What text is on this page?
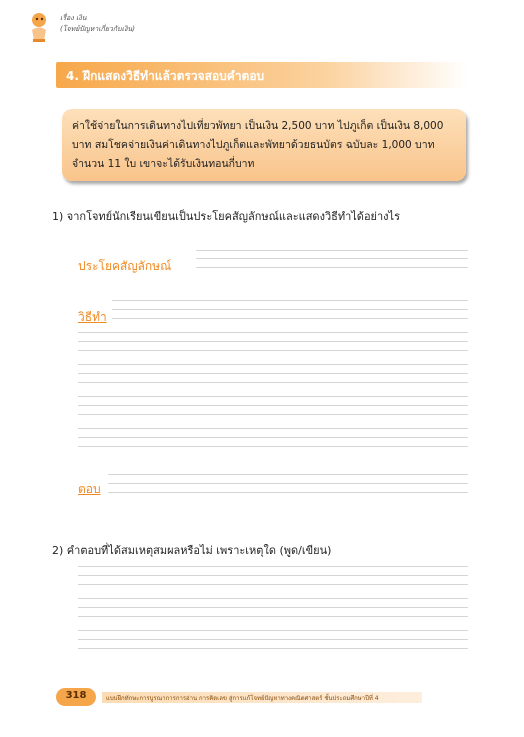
เรื่อง เงิน
(โจทย์ปัญหาเกี่ยวกับเงิน)
4. ฝึกแสดงวิธีทำแล้วตรวจสอบคำตอบ
ค่าใช้จ่ายในการเดินทางไปเที่ยวพัทยา เป็นเงิน 2,500 บาท ไปภูเก็ต เป็นเงิน 8,000 บาท สมโชคจ่ายเงินค่าเดินทางไปภูเก็ตและพัทยาด้วยธนบัตร ฉบับละ 1,000 บาท จำนวน 11 ใบ เขาจะได้รับเงินทอนกี่บาท
1) จากโจทย์นักเรียนเขียนเป็นประโยคสัญลักษณ์และแสดงวิธีทำได้อย่างไร
ประโยคสัญลักษณ์
วิธีทำ
ตอบ
2) คำตอบที่ได้สมเหตุสมผลหรือไม่ เพราะเหตุใด (พูด/เขียน)
318	แบบฝึกทักษะการบูรณาการการอ่าน การคิดเลข สู่การแก้โจทย์ปัญหาทางคณิตศาสตร์ ชั้นประถมศึกษาปีที่ 4
